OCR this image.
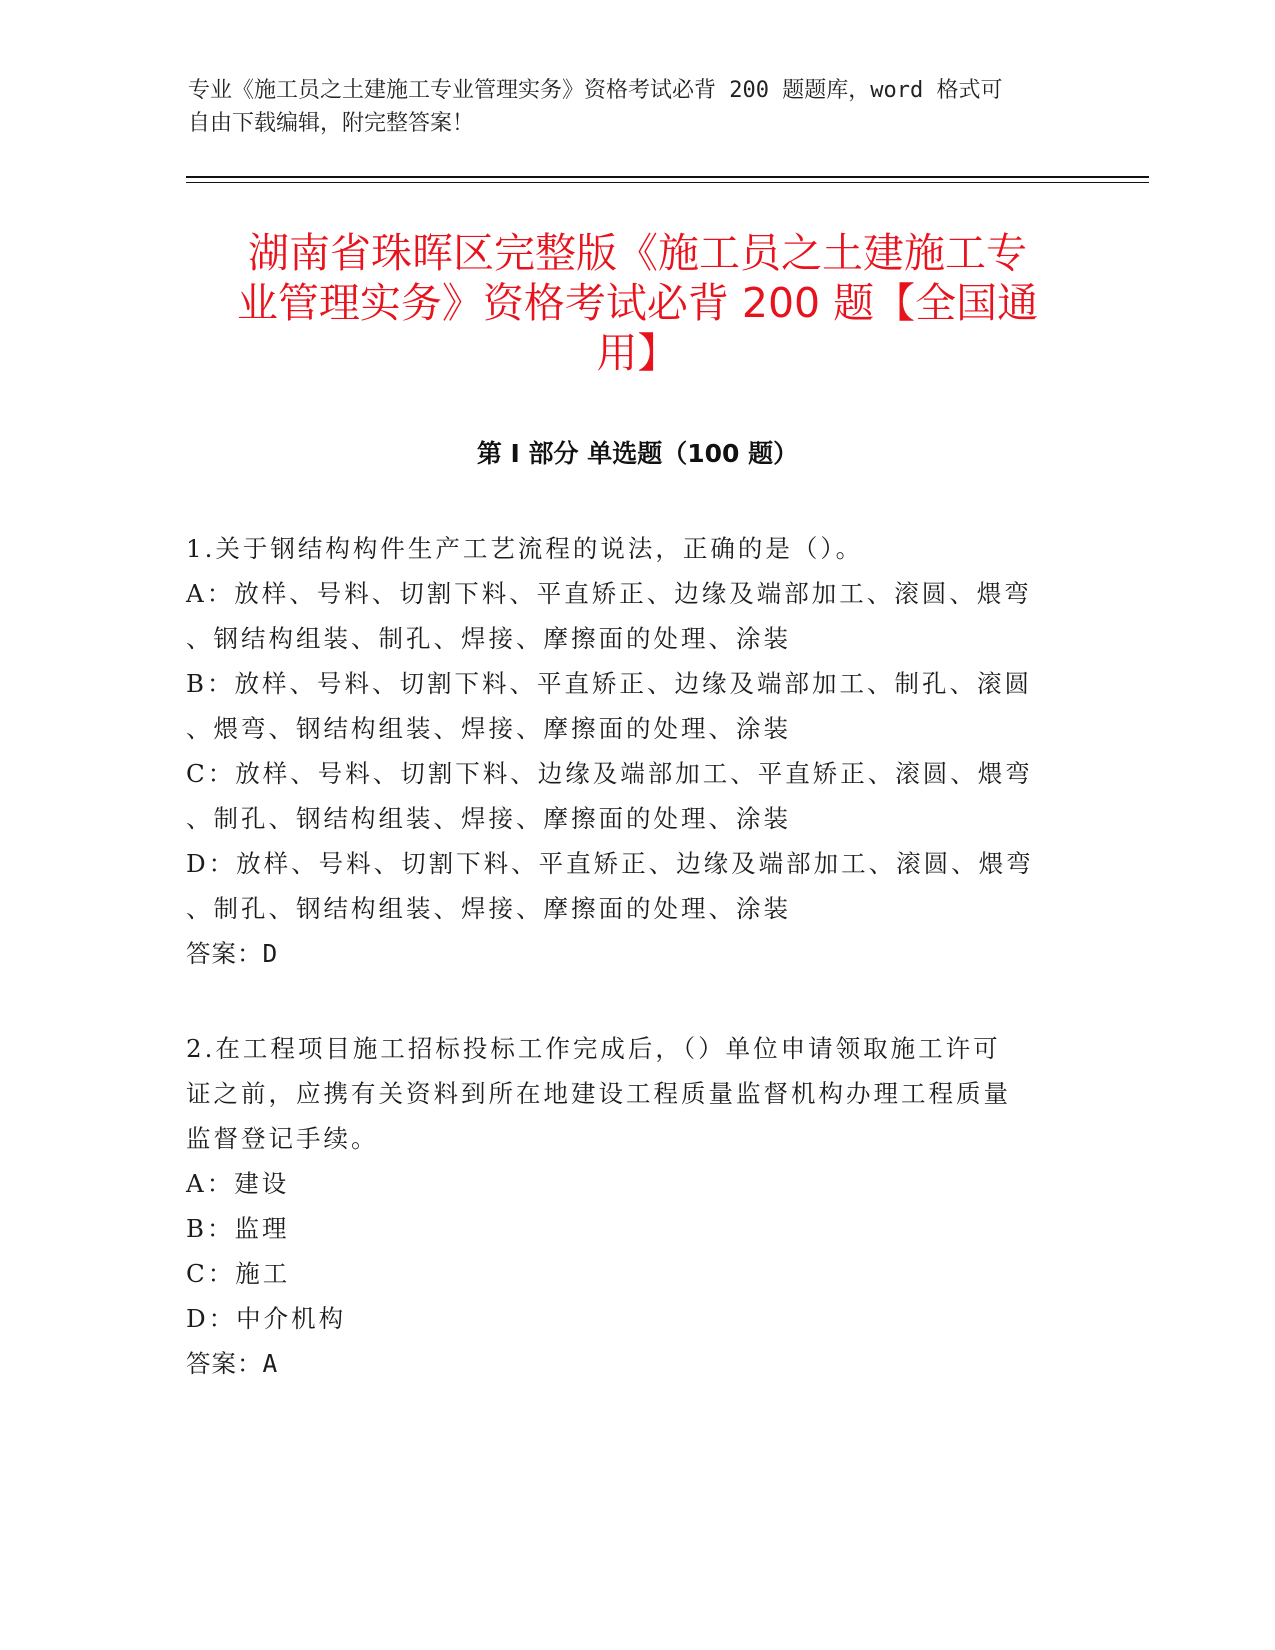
专业《施工员之土建施工专业管理实务》资格考试必背 200 题题库，word 格式可
自由下载编辑，附完整答案！
湖南省珠晖区完整版《施工员之土建施工专
业管理实务》资格考试必背 200 题【全国通
用】
第 I 部分 单选题（100 题）
1.关于钢结构构件生产工艺流程的说法，正确的是（）。
A：放样、号料、切割下料、平直矫正、边缘及端部加工、滚圆、煨弯
、钢结构组装、制孔、焊接、摩擦面的处理、涂装
B：放样、号料、切割下料、平直矫正、边缘及端部加工、制孔、滚圆
、煨弯、钢结构组装、焊接、摩擦面的处理、涂装
C：放样、号料、切割下料、边缘及端部加工、平直矫正、滚圆、煨弯
、制孔、钢结构组装、焊接、摩擦面的处理、涂装
D：放样、号料、切割下料、平直矫正、边缘及端部加工、滚圆、煨弯
、制孔、钢结构组装、焊接、摩擦面的处理、涂装
答案：D
2.在工程项目施工招标投标工作完成后，（）单位申请领取施工许可
证之前，应携有关资料到所在地建设工程质量监督机构办理工程质量
监督登记手续。
A：建设
B：监理
C：施工
D：中介机构
答案：A
